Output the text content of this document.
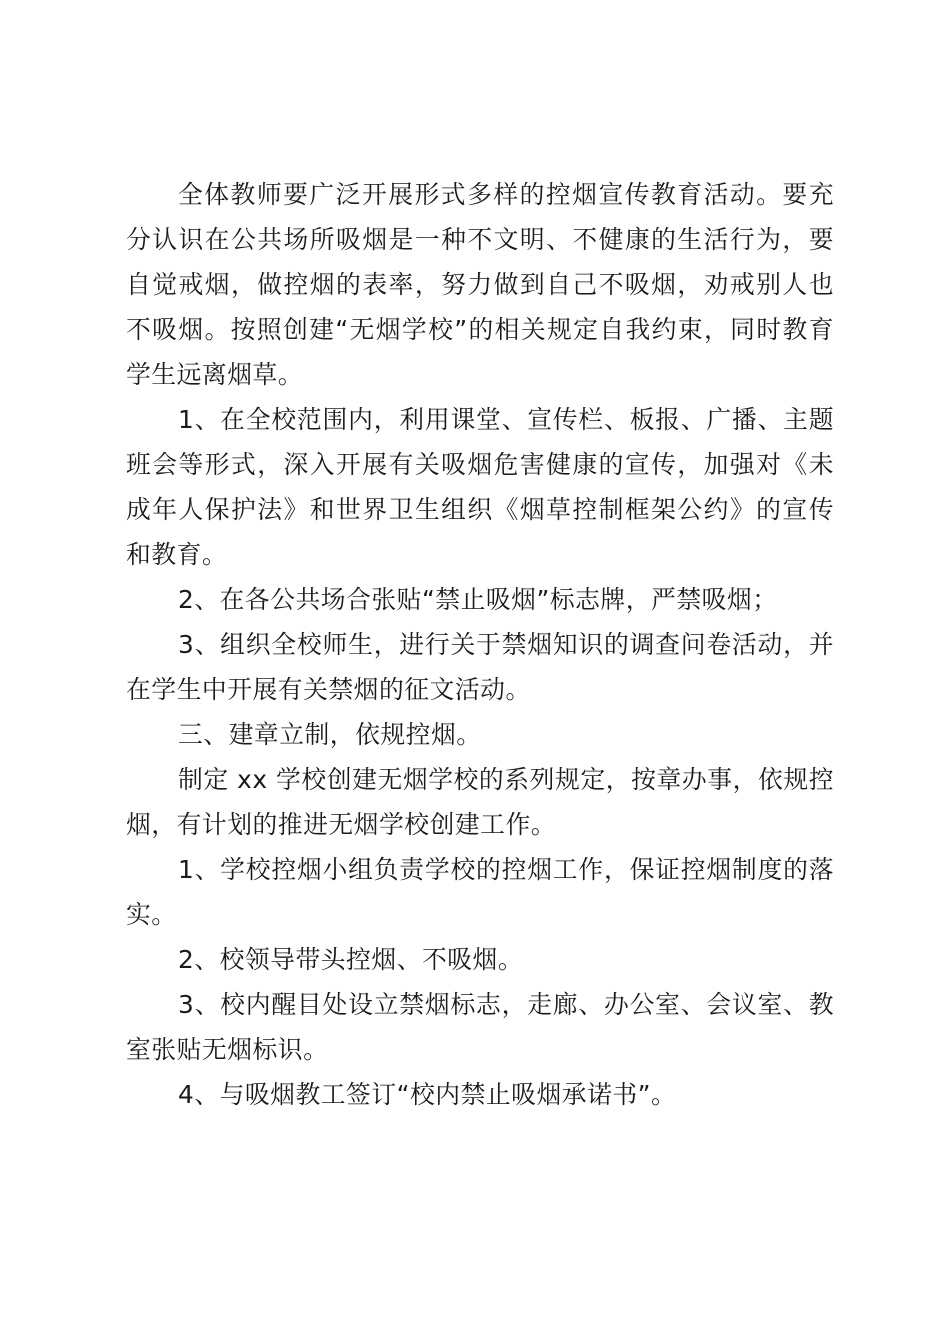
全体教师要广泛开展形式多样的控烟宣传教育活动。要充分认识在公共场所吸烟是一种不文明、不健康的生活行为，要自觉戒烟，做控烟的表率，努力做到自己不吸烟，劝戒别人也不吸烟。按照创建“无烟学校”的相关规定自我约束，同时教育学生远离烟草。

1、在全校范围内，利用课堂、宣传栏、板报、广播、主题班会等形式，深入开展有关吸烟危害健康的宣传，加强对《未成年人保护法》和世界卫生组织《烟草控制框架公约》的宣传和教育。

2、在各公共场合张贴“禁止吸烟”标志牌，严禁吸烟；

3、组织全校师生，进行关于禁烟知识的调查问卷活动，并在学生中开展有关禁烟的征文活动。

三、建章立制，依规控烟。

制定 xx 学校创建无烟学校的系列规定，按章办事，依规控烟，有计划的推进无烟学校创建工作。

1、学校控烟小组负责学校的控烟工作，保证控烟制度的落实。

2、校领导带头控烟、不吸烟。

3、校内醒目处设立禁烟标志，走廊、办公室、会议室、教室张贴无烟标识。

4、与吸烟教工签订“校内禁止吸烟承诺书”。
